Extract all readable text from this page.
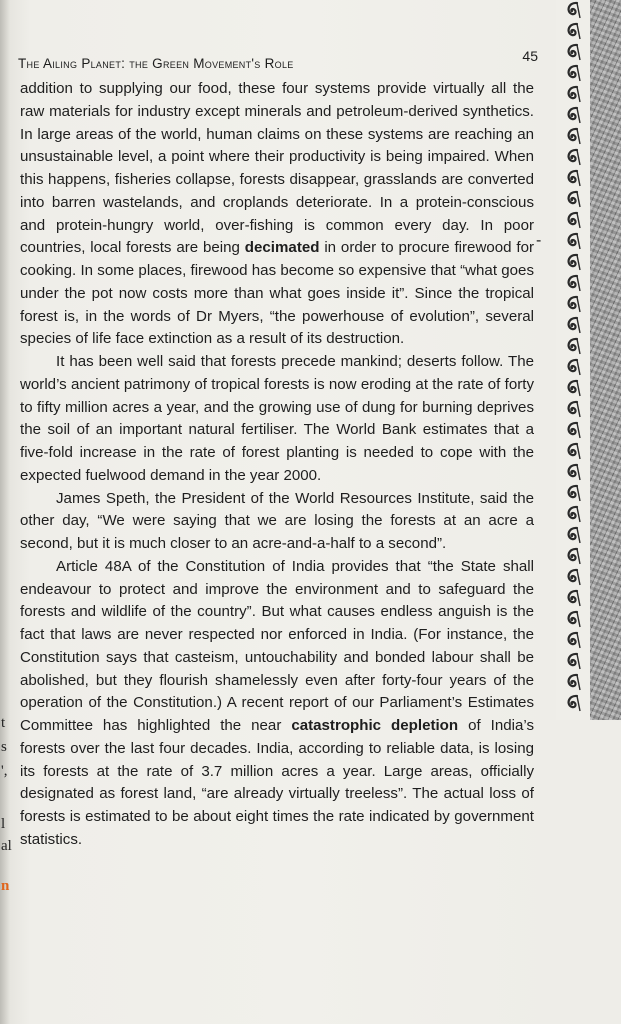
t
s
',
l
al
n
The Ailing Planet: the Green Movement's Role	45

addition to supplying our food, these four systems provide virtually all the raw materials for industry except minerals and petroleum-derived synthetics. In large areas of the world, human claims on these systems are reaching an unsustainable level, a point where their productivity is being impaired. When this happens, fisheries collapse, forests disappear, grasslands are converted into barren wastelands, and croplands deteriorate. In a protein-conscious and protein-hungry world, over-fishing is common every day. In poor countries, local forests are being decimated in order to procure firewood for cooking. In some places, firewood has become so expensive that “what goes under the pot now costs more than what goes inside it”. Since the tropical forest is, in the words of Dr Myers, “the powerhouse of evolution”, several species of life face extinction as a result of its destruction.

It has been well said that forests precede mankind; deserts follow. The world’s ancient patrimony of tropical forests is now eroding at the rate of forty to fifty million acres a year, and the growing use of dung for burning deprives the soil of an important natural fertiliser. The World Bank estimates that a five-fold increase in the rate of forest planting is needed to cope with the expected fuelwood demand in the year 2000.

James Speth, the President of the World Resources Institute, said the other day, “We were saying that we are losing the forests at an acre a second, but it is much closer to an acre-and-a-half to a second”.

Article 48A of the Constitution of India provides that “the State shall endeavour to protect and improve the environment and to safeguard the forests and wildlife of the country”. But what causes endless anguish is the fact that laws are never respected nor enforced in India. (For instance, the Constitution says that casteism, untouchability and bonded labour shall be abolished, but they flourish shamelessly even after forty-four years of the operation of the Constitution.) A recent report of our Parliament’s Estimates Committee has highlighted the near catastrophic depletion of India’s forests over the last four decades. India, according to reliable data, is losing its forests at the rate of 3.7 million acres a year. Large areas, officially designated as forest land, “are already virtually treeless”. The actual loss of forests is estimated to be about eight times the rate indicated by government statistics.

-
